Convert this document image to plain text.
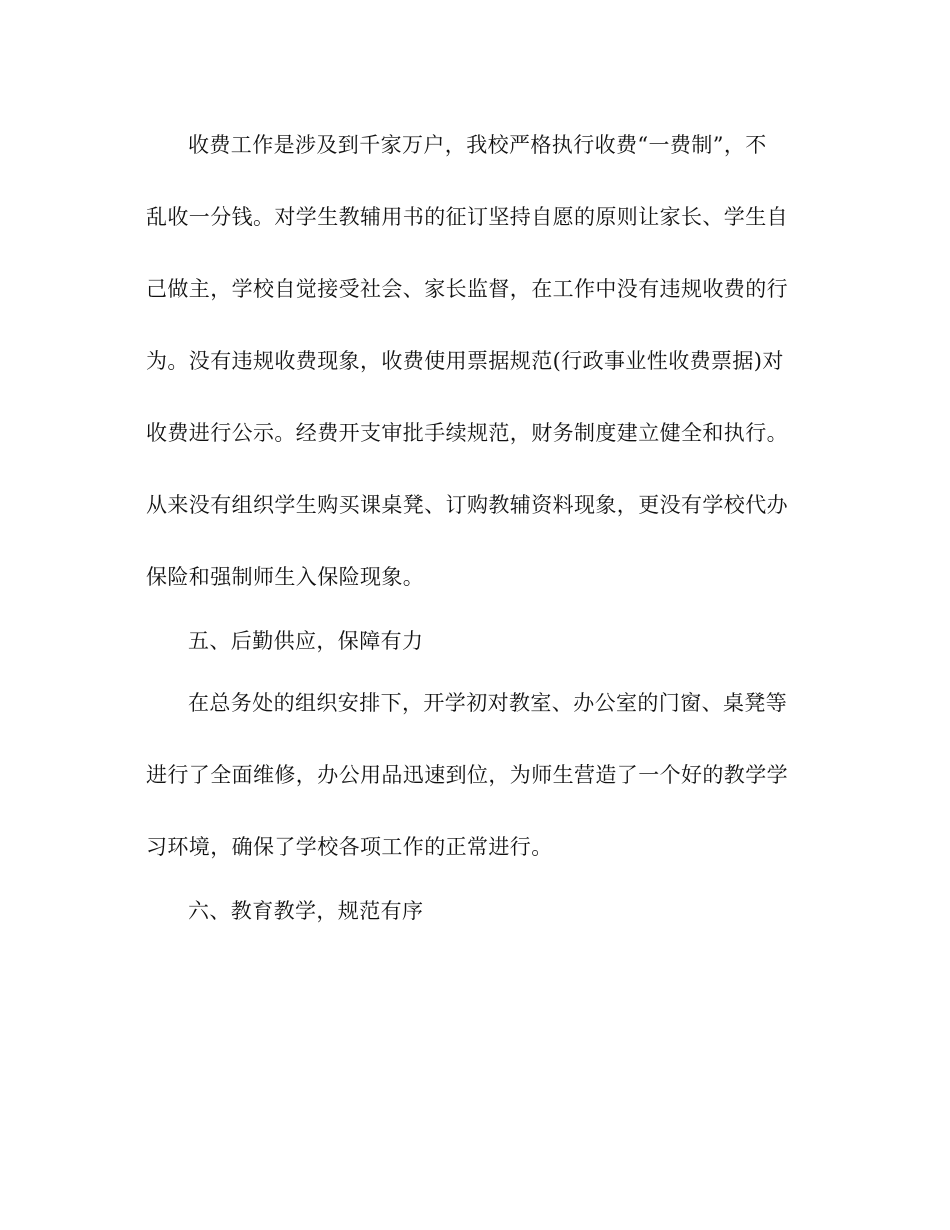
收费工作是涉及到千家万户，我校严格执行收费“一费制”，不
乱收一分钱。对学生教辅用书的征订坚持自愿的原则让家长、学生自
己做主，学校自觉接受社会、家长监督，在工作中没有违规收费的行
为。没有违规收费现象，收费使用票据规范(行政事业性收费票据)对
收费进行公示。经费开支审批手续规范，财务制度建立健全和执行。
从来没有组织学生购买课桌凳、订购教辅资料现象，更没有学校代办
保险和强制师生入保险现象。
五、后勤供应，保障有力
在总务处的组织安排下，开学初对教室、办公室的门窗、桌凳等
进行了全面维修，办公用品迅速到位，为师生营造了一个好的教学学
习环境，确保了学校各项工作的正常进行。
六、教育教学，规范有序
